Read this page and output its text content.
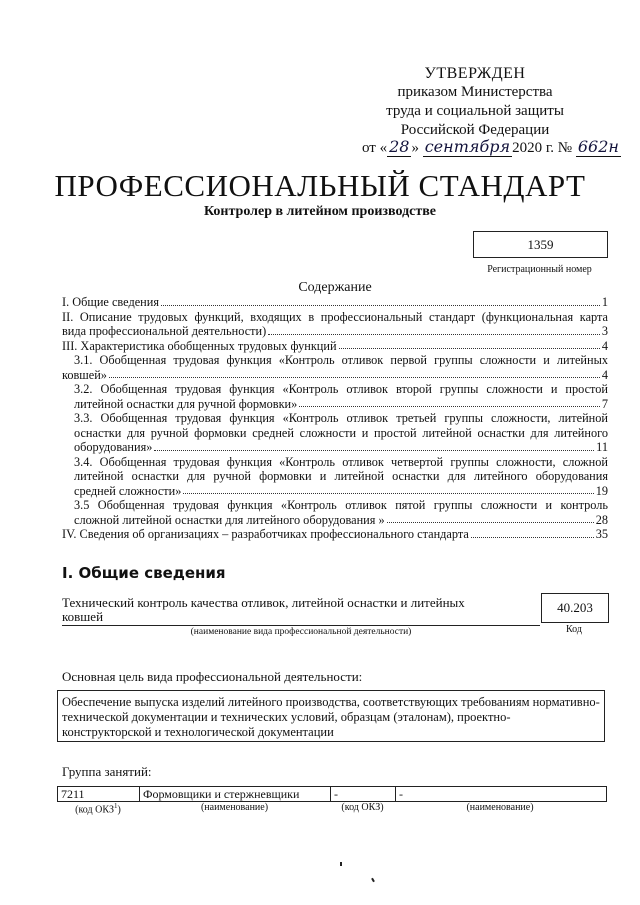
УТВЕРЖДЕН
приказом Министерства
труда и социальной защиты
Российской Федерации
от « 28 » сентября 2020 г. № 662н
ПРОФЕССИОНАЛЬНЫЙ СТАНДАРТ
Контролер в литейном производстве
1359
Регистрационный номер
Содержание
I. Общие сведения	1
II. Описание трудовых функций, входящих в профессиональный стандарт (функциональная карта
вида профессиональной деятельности)	3
III. Характеристика обобщенных трудовых функций	4
3.1. Обобщенная трудовая функция «Контроль отливок первой группы сложности и литейных
ковшей»	4
3.2. Обобщенная трудовая функция «Контроль отливок второй группы сложности и простой
литейной оснастки для ручной формовки»	7
3.3. Обобщенная трудовая функция «Контроль отливок третьей группы сложности, литейной
оснастки для ручной формовки средней сложности и простой литейной оснастки для литейного
оборудования»	11
3.4. Обобщенная трудовая функция «Контроль отливок четвертой группы сложности, сложной
литейной оснастки для ручной формовки и литейной оснастки для литейного оборудования
средней сложности»	19
3.5 Обобщенная трудовая функция «Контроль отливок пятой группы сложности и контроль
сложной литейной оснастки для литейного оборудования »	28
IV. Сведения об организациях – разработчиках профессионального стандарта	35
I. Общие сведения
Технический контроль качества отливок, литейной оснастки и литейных ковшей
(наименование вида профессиональной деятельности)
40.203
Код
Основная цель вида профессиональной деятельности:
Обеспечение выпуска изделий литейного производства, соответствующих требованиям нормативно-технической документации и технических условий, образцам (эталонам), проектно-конструкторской и технологической документации
Группа занятий:
7211	Формовщики и стержневщики	-	-
(код ОКЗ$^1$)	(наименование)	(код ОКЗ)	(наименование)
